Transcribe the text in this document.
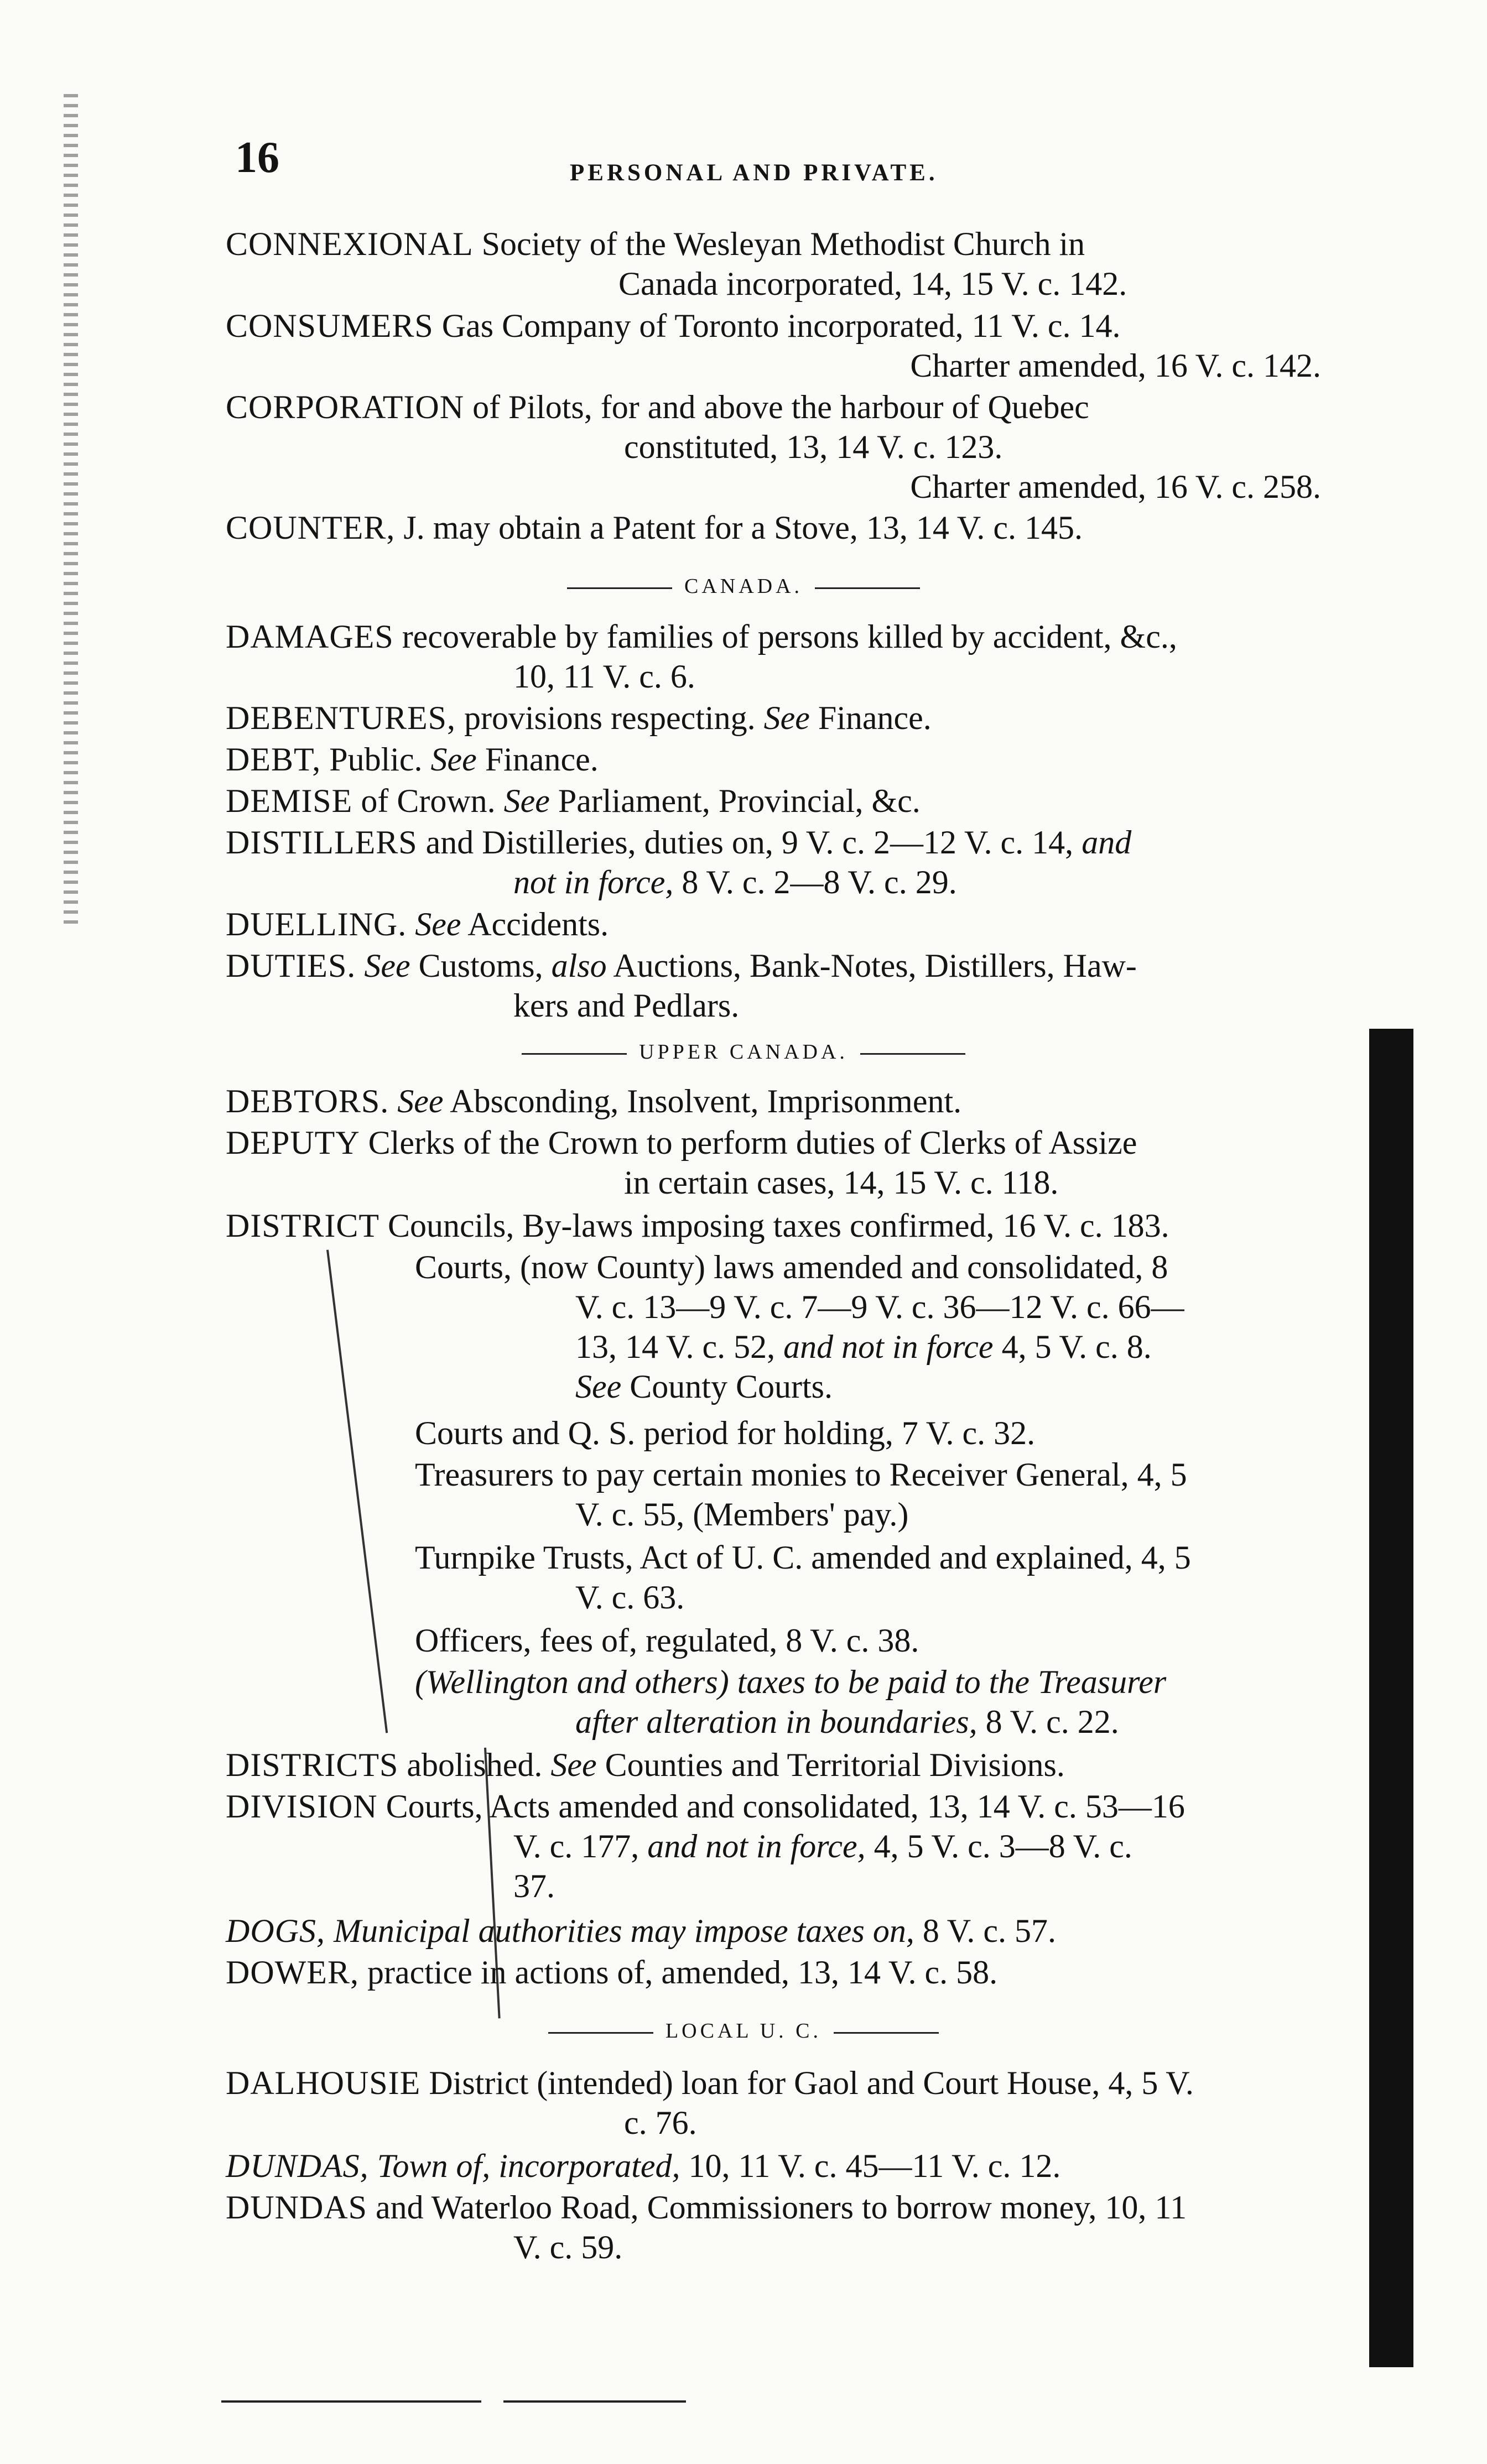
16	PERSONAL AND PRIVATE.
CONNEXIONAL Society of the Wesleyan Methodist Church in
Canada incorporated, 14, 15 V. c. 142.
CONSUMERS Gas Company of Toronto incorporated, 11 V. c. 14.
Charter amended, 16 V. c. 142.
CORPORATION of Pilots, for and above the harbour of Quebec
constituted, 13, 14 V. c. 123.
Charter amended, 16 V. c. 258.
COUNTER, J. may obtain a Patent for a Stove, 13, 14 V. c. 145.
CANADA.
DAMAGES recoverable by families of persons killed by accident, &c.,
10, 11 V. c. 6.
DEBENTURES, provisions respecting. See Finance.
DEBT, Public. See Finance.
DEMISE of Crown. See Parliament, Provincial, &c.
DISTILLERS and Distilleries, duties on, 9 V. c. 2—12 V. c. 14, and
not in force, 8 V. c. 2—8 V. c. 29.
DUELLING. See Accidents.
DUTIES. See Customs, also Auctions, Bank-Notes, Distillers, Haw-
kers and Pedlars.
UPPER CANADA.
DEBTORS. See Absconding, Insolvent, Imprisonment.
DEPUTY Clerks of the Crown to perform duties of Clerks of Assize
in certain cases, 14, 15 V. c. 118.
DISTRICT Councils, By-laws imposing taxes confirmed, 16 V. c. 183.
Courts, (now County) laws amended and consolidated, 8
V. c. 13—9 V. c. 7—9 V. c. 36—12 V. c. 66—
13, 14 V. c. 52, and not in force 4, 5 V. c. 8.
See County Courts.
Courts and Q. S. period for holding, 7 V. c. 32.
Treasurers to pay certain monies to Receiver General, 4, 5
V. c. 55, (Members' pay.)
Turnpike Trusts, Act of U. C. amended and explained, 4, 5
V. c. 63.
Officers, fees of, regulated, 8 V. c. 38.
(Wellington and others) taxes to be paid to the Treasurer
after alteration in boundaries, 8 V. c. 22.
DISTRICTS abolished. See Counties and Territorial Divisions.
DIVISION Courts, Acts amended and consolidated, 13, 14 V. c. 53—16
V. c. 177, and not in force, 4, 5 V. c. 3—8 V. c.
37.
DOGS, Municipal authorities may impose taxes on, 8 V. c. 57.
DOWER, practice in actions of, amended, 13, 14 V. c. 58.
LOCAL U. C.
DALHOUSIE District (intended) loan for Gaol and Court House, 4, 5 V.
c. 76.
DUNDAS, Town of, incorporated, 10, 11 V. c. 45—11 V. c. 12.
DUNDAS and Waterloo Road, Commissioners to borrow money, 10, 11
V. c. 59.
